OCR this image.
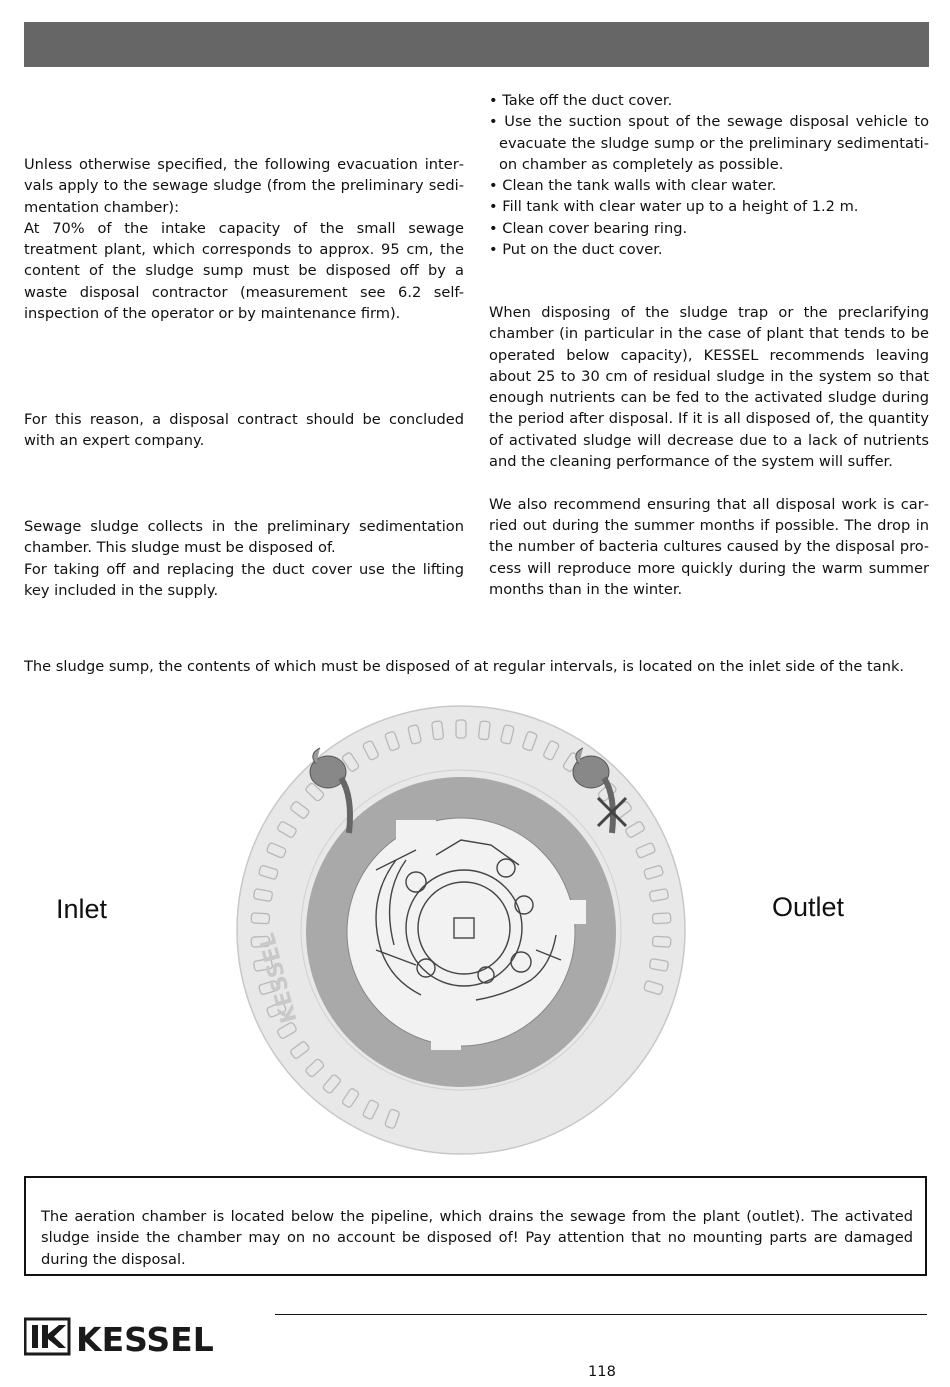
Unless otherwise specified, the following evacuation intervals apply to the sewage sludge (from the preliminary sedimentation chamber):

At 70% of the intake capacity of the small sewage treatment plant, which corresponds to approx. 95 cm, the content of the sludge sump must be disposed off by a waste disposal contractor (measurement see 6.2 self-inspection of the operator or by maintenance firm).

For this reason, a disposal contract should be concluded with an expert company.

Sewage sludge collects in the preliminary sedimentation chamber. This sludge must be disposed of.

For taking off and replacing the duct cover use the lifting key included in the supply.

• Take off the duct cover.
• Use the suction spout of the sewage disposal vehicle to evacuate the sludge sump or the preliminary sedimentation chamber as completely as possible.
• Clean the tank walls with clear water.
• Fill tank with clear water up to a height of 1.2 m.
• Clean cover bearing ring.
• Put on the duct cover.

When disposing of the sludge trap or the preclarifying chamber (in particular in the case of plant that tends to be operated below capacity), KESSEL recommends leaving about 25 to 30 cm of residual sludge in the system so that enough nutrients can be fed to the activated sludge during the period after disposal. If it is all disposed of, the quantity of activated sludge will decrease due to a lack of nutrients and the cleaning performance of the system will suffer.

We also recommend ensuring that all disposal work is carried out during the summer months if possible. The drop in the number of bacteria cultures caused by the disposal process will reproduce more quickly during the warm summer months than in the winter.

The sludge sump, the contents of which must be disposed of at regular intervals, is located on the inlet side of the tank.
Inlet	Outlet
KESSEL

The aeration chamber is located below the pipeline, which drains the sewage from the plant (outlet). The activated sludge inside the chamber may on no account be disposed of! Pay attention that no mounting parts are damaged during the disposal.

KESSEL
118
